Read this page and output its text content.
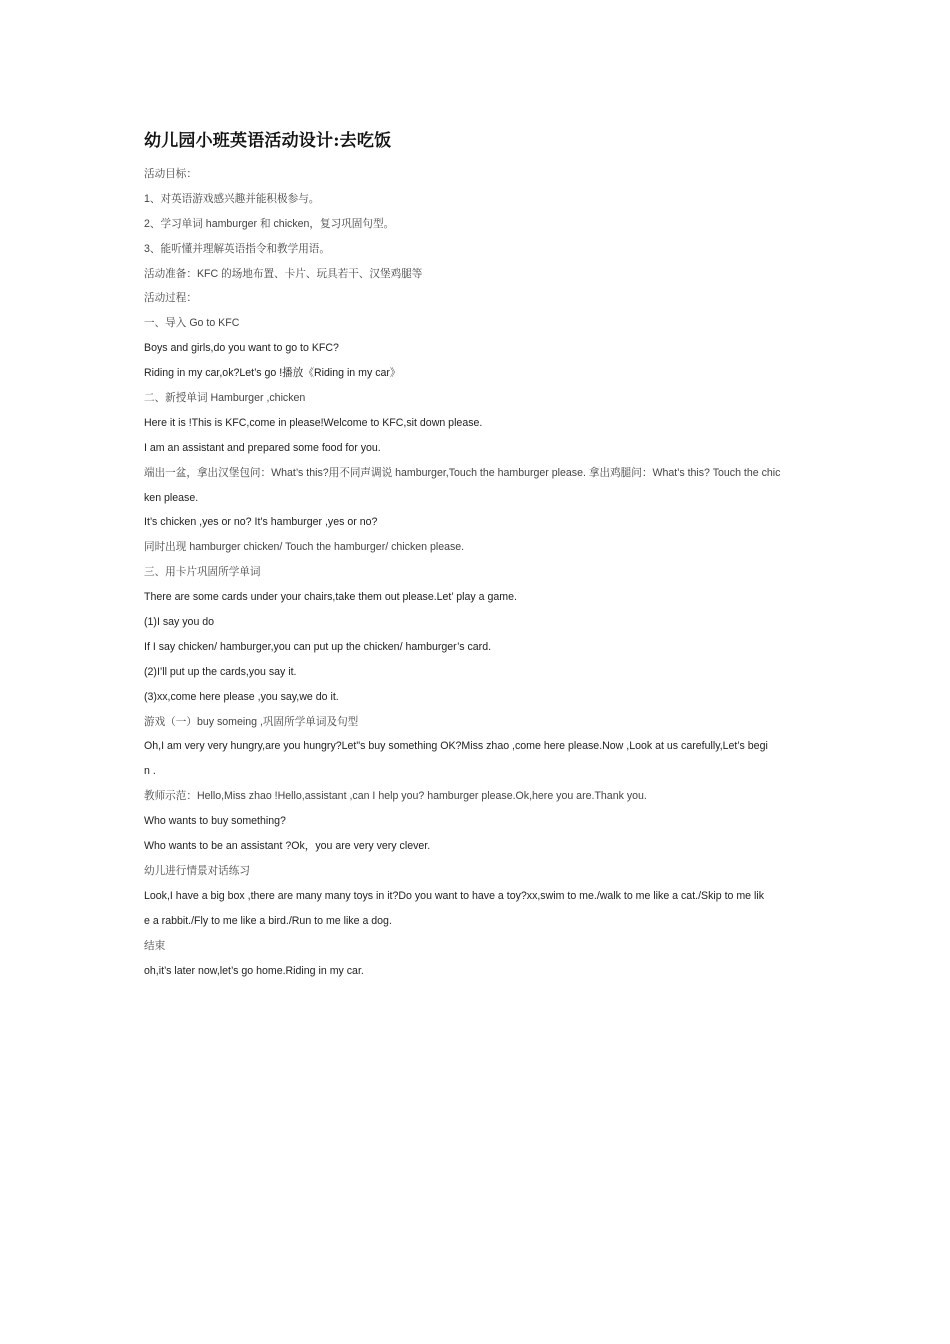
幼儿园小班英语活动设计:去吃饭
活动目标：
1、对英语游戏感兴趣并能积极参与。
2、学习单词 hamburger 和 chicken，复习巩固句型。
3、能听懂并理解英语指令和教学用语。
活动准备：KFC 的场地布置、卡片、玩具若干、汉堡鸡腿等
活动过程：
一、导入 Go to KFC
Boys and girls,do you want to go to KFC?
Riding in my car,ok?Let’s go !播放《Riding in my car》
二、新授单词 Hamburger ,chicken
Here it is !This is KFC,come in please!Welcome to KFC,sit down please.
I am an assistant and prepared some food for you.
端出一盆，拿出汉堡包问：What’s this?用不同声调说 hamburger,Touch the hamburger please. 拿出鸡腿问：What’s this? Touch the chic
ken please.
It’s chicken ,yes or no? It’s hamburger ,yes or no?
同时出现 hamburger chicken/ Touch the hamburger/ chicken please.
三、用卡片巩固所学单词
There are some cards under your chairs,take them out please.Let’ play a game.
(1)I say you do
If I say chicken/ hamburger,you can put up the chicken/ hamburger’s card.
(2)I’ll put up the cards,you say it.
(3)xx,come here please ,you say,we do it.
游戏（一）buy someing ,巩固所学单词及句型
Oh,I am very very hungry,are you hungry?Let"s buy something OK?Miss zhao ,come here please.Now ,Look at us carefully,Let’s begi
n .
教师示范：Hello,Miss zhao !Hello,assistant ,can I help you? hamburger please.Ok,here you are.Thank you.
Who wants to buy something?
Who wants to be an assistant ?Ok，you are very very clever.
幼儿进行情景对话练习
Look,I have a big box ,there are many many toys in it?Do you want to have a toy?xx,swim to me./walk to me like a cat./Skip to me lik
e a rabbit./Fly to me like a bird./Run to me like a dog.
结束
oh,it’s later now,let’s go home.Riding in my car.
